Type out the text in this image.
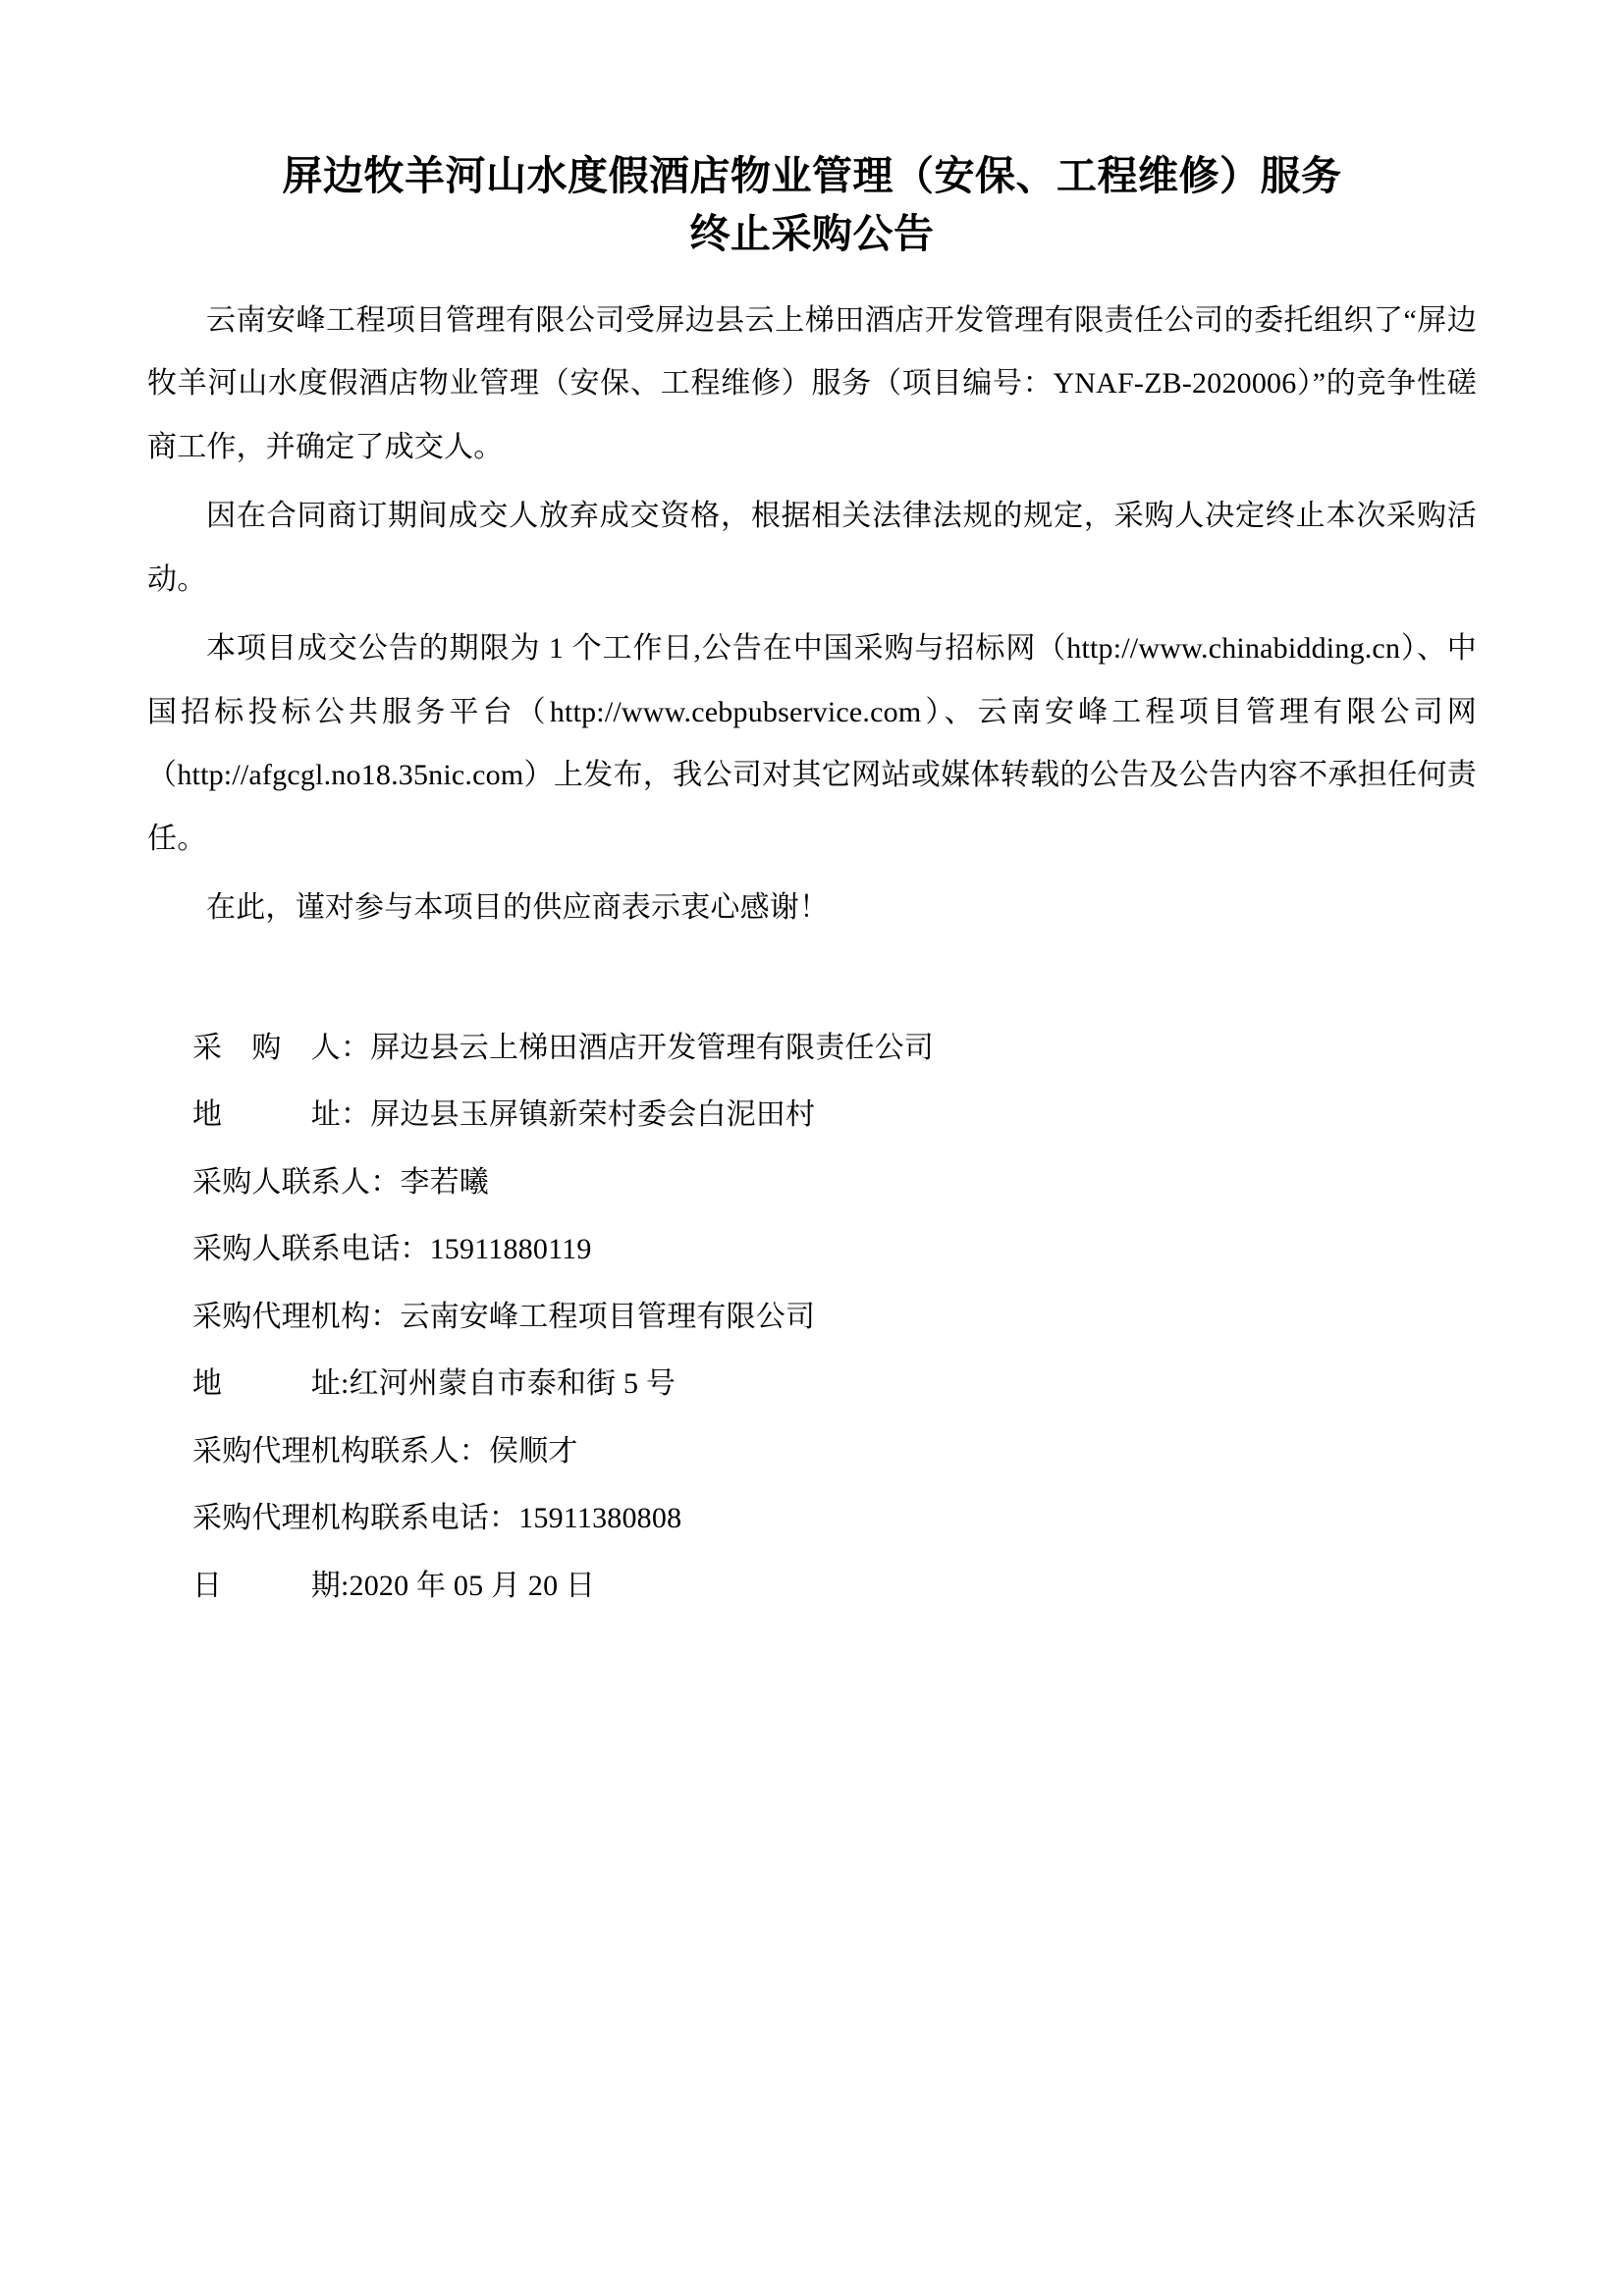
屏边牧羊河山水度假酒店物业管理（安保、工程维修）服务
终止采购公告

云南安峰工程项目管理有限公司受屏边县云上梯田酒店开发管理有限责任公司的委托组织了“屏边牧羊河山水度假酒店物业管理（安保、工程维修）服务（项目编号：YNAF-ZB-2020006）”的竞争性磋商工作，并确定了成交人。

因在合同商订期间成交人放弃成交资格，根据相关法律法规的规定，采购人决定终止本次采购活动。

本项目成交公告的期限为 1 个工作日,公告在中国采购与招标网（http://www.chinabidding.cn）、中国招标投标公共服务平台（http://www.cebpubservice.com）、云南安峰工程项目管理有限公司网（http://afgcgl.no18.35nic.com）上发布，我公司对其它网站或媒体转载的公告及公告内容不承担任何责任。

在此，谨对参与本项目的供应商表示衷心感谢！

采　购　人：屏边县云上梯田酒店开发管理有限责任公司
地　　　址：屏边县玉屏镇新荣村委会白泥田村
采购人联系人：李若曦
采购人联系电话：15911880119
采购代理机构：云南安峰工程项目管理有限公司
地　　　址:红河州蒙自市泰和街 5 号
采购代理机构联系人：侯顺才
采购代理机构联系电话：15911380808
日　　　期:2020 年 05 月 20 日
